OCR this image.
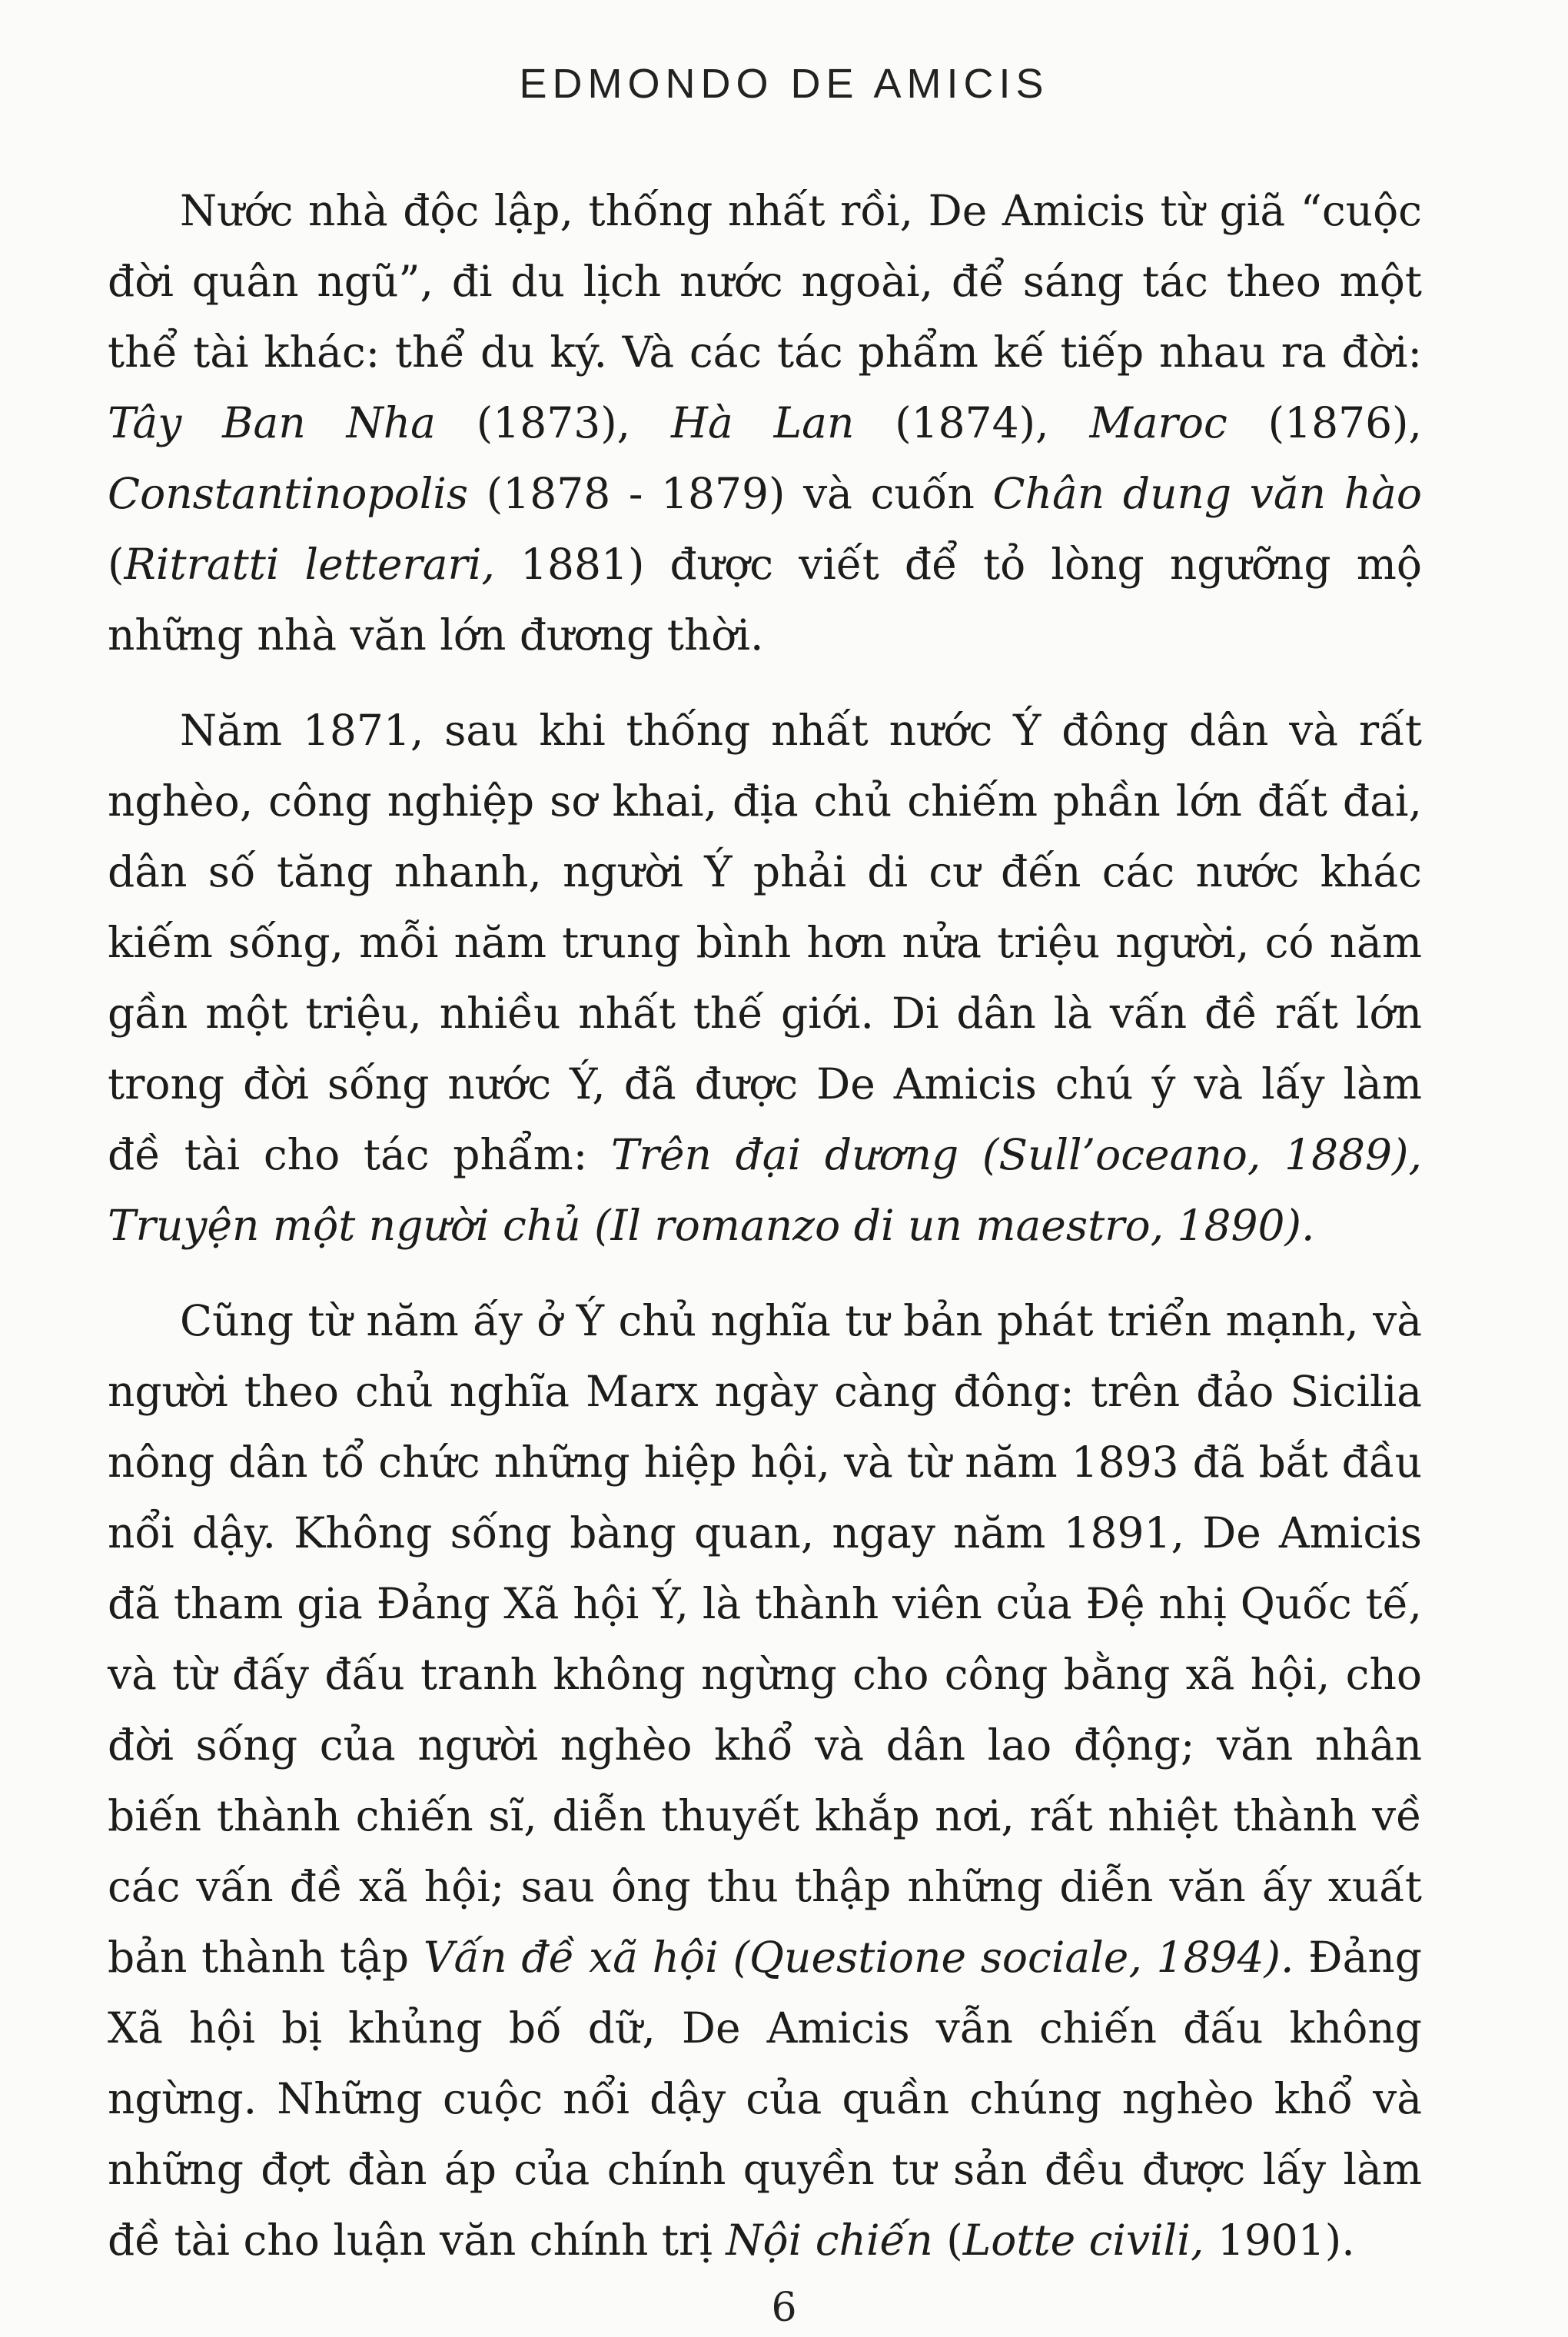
EDMONDO DE AMICIS

Nước nhà độc lập, thống nhất rồi, De Amicis từ giã “cuộc đời quân ngũ”, đi du lịch nước ngoài, để sáng tác theo một thể tài khác: thể du ký. Và các tác phẩm kế tiếp nhau ra đời: Tây Ban Nha (1873), Hà Lan (1874), Maroc (1876), Constantinopolis (1878 - 1879) và cuốn Chân dung văn hào (Ritratti letterari, 1881) được viết để tỏ lòng ngưỡng mộ những nhà văn lớn đương thời.

Năm 1871, sau khi thống nhất nước Ý đông dân và rất nghèo, công nghiệp sơ khai, địa chủ chiếm phần lớn đất đai, dân số tăng nhanh, người Ý phải di cư đến các nước khác kiếm sống, mỗi năm trung bình hơn nửa triệu người, có năm gần một triệu, nhiều nhất thế giới. Di dân là vấn đề rất lớn trong đời sống nước Ý, đã được De Amicis chú ý và lấy làm đề tài cho tác phẩm: Trên đại dương (Sull’oceano, 1889), Truyện một người chủ (Il romanzo di un maestro, 1890).

Cũng từ năm ấy ở Ý chủ nghĩa tư bản phát triển mạnh, và người theo chủ nghĩa Marx ngày càng đông: trên đảo Sicilia nông dân tổ chức những hiệp hội, và từ năm 1893 đã bắt đầu nổi dậy. Không sống bàng quan, ngay năm 1891, De Amicis đã tham gia Đảng Xã hội Ý, là thành viên của Đệ nhị Quốc tế, và từ đấy đấu tranh không ngừng cho công bằng xã hội, cho đời sống của người nghèo khổ và dân lao động; văn nhân biến thành chiến sĩ, diễn thuyết khắp nơi, rất nhiệt thành về các vấn đề xã hội; sau ông thu thập những diễn văn ấy xuất bản thành tập Vấn đề xã hội (Questione sociale, 1894). Đảng Xã hội bị khủng bố dữ, De Amicis vẫn chiến đấu không ngừng. Những cuộc nổi dậy của quần chúng nghèo khổ và những đợt đàn áp của chính quyền tư sản đều được lấy làm đề tài cho luận văn chính trị Nội chiến (Lotte civili, 1901).

6
